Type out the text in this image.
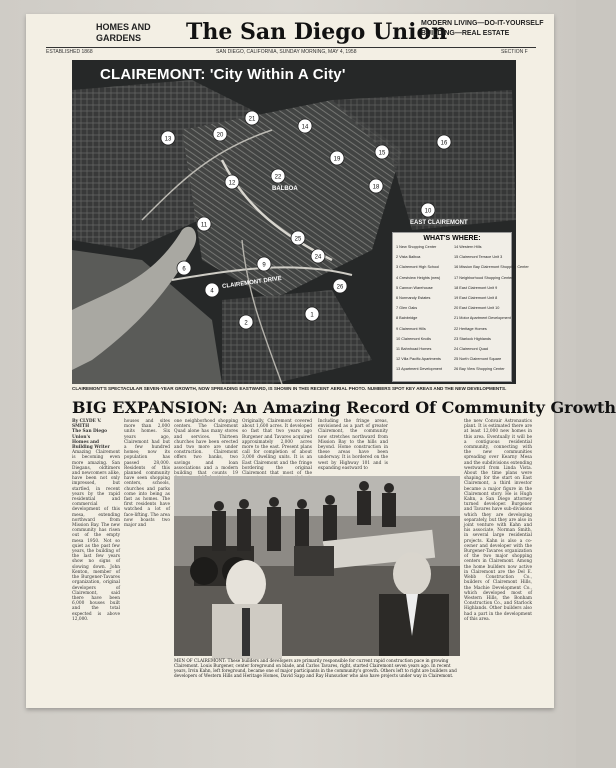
HOMES AND
GARDENS	The San Diego Union
MODERN LIVING—DO-IT-YOURSELF
BUILDING—REAL ESTATE
ESTABLISHED 1868	SAN DIEGO, CALIFORNIA, SUNDAY MORNING, MAY 4, 1958	SECTION F
13
21
20
14
19
15
16
18
22
12
11
25
24
9
6
1
2
26
4
10
CLAIREMONT: 'City Within A City'
CLAIREMONT DRIVE
EAST CLAIREMONT
BALBOA
WHAT'S WHERE:
1 New Shopping Center
2 Vista Balboa
3 Clairemont High School
4 Crestview Heights (new)
5 Cannon Warehouse
6 Normandy Estates
7 Glen Oaks
8 Bainbridge
9 Clairemont Hills
10 Clairemont Knolls
11 Bahnhoad Homes
12 Villa Pacific Apartments
13 Apartment Development
14 Western Hills
15 Clairemont Terrace Unit 3
16 Mission Bay Clairemont Shopping Center
17 Neighborhood Shopping Center
18 East Clairemont Unit 9
19 East Clairemont Unit 8
20 East Clairemont Unit 10
21 Motor Apartment Development
22 Heritage Homes
23 Starlock Highlands
24 Clairemont Quad
25 North Clairemont Square
26 Bay View Shopping Center
CLAIREMONT'S SPECTACULAR SEVEN-YEAR GROWTH, NOW SPREADING EASTWARD, IS SHOWN IN THIS RECENT AERIAL PHOTO. NUMBERS SPOT KEY AREAS AND THE NEW DEVELOPMENTS.
BIG EXPANSION: An Amazing Record Of Community Growth
By CLYDE V. SMITH
The San Diego Union's
Homes and Building Writer
Amazing Clairemont is becoming even more amazing. San Diegans, oldtimers and newcomers alike, have been not only impressed, but startled, in recent years by the rapid residential and commercial development of this mesa, extending northward from Mission Bay. The new community has risen out of the empty mesa 1950. Not so quiet as the past few years, the building of the last few years show no signs of slowing down. John Kenton, member of the Burgener-Tavares organization, original developers of Clairemont, said there have been 6,000 houses built and the total expected is above 12,000.
houses and sites more than 2,000 units homes. Six years ago, Clairemont had but a few hundred homes; now its population has passed 28,000. Residents of this planned community have seen shopping centers, schools, churches and parks come into being as fast as homes. The first residents have watched a lot of face-lifting. The area now boasts two major and
one neighborhood shopping centers. The Clairemont Quad alone has many stores and services. Thirteen churches have been erected and two more are under construction. Clairemont offers two banks, two savings and loan associations and a modern building that counts 19
Originally, Clairemont covered about 1,600 acres. It developed so fast that two years ago Burgener and Tavares acquired approximately 2,000 acres more to the east. Present plans call for completion of about 3,000 dwelling units. It is an East Clairemont and the fringe bordering the original Clairemont that most of the
Including the fringe areas, envisioned as a part of greater Clairemont, the community now stretches northward from Mission Bay to the hills and beyond. Home construction in these areas have been underway. It is bordered on the west by Highway 101 and is expanding eastward to
the new Convair Astronautics plant. It is estimated there are at least 12,000 new homes in this area. Eventually it will be a contiguous residential community, connecting with the new communities spreading over Kearny Mesa and the subdivisions extending westward from Linda Vista. About the time plans were shaping for the start on East Clairemont, a third investor became a major figure in the Clairemont story. He is Hugh Kahn, a San Diego attorney turned developer. Burgener and Tavares have sub-divisions which they are developing separately, but they are also in joint venture with Kahn and his associate, Norman Smith, in several large residential projects. Kahn is also a co-owner and developer with the Burgener-Tavares organization of the two major shopping centers in Clairemont. Among the home builders now active in Clairemont are the Del E. Webb Construction Co., builders of Clairemont Hills, the Machie Development Co., which developed most of Western Hills, the Bonham Construction Co., and Starlock Highlands. Other builders also had a part in the development of this area.
MEN OF CLAIREMONT: These builders and developers are primarily responsible for current rapid construction pace in growing Clairemont. Louis Burgener, center foreground on blade, and Carlos Tavares, right, started Clairemont seven years ago. In recent years, Irvin Kahn, left foreground, became one of major participants in the community's growth. Others left to right are builders and developers of Western Hills and Heritage Homes, David Sapp and Ray Hunsucker who also have projects under way in Clairemont.
